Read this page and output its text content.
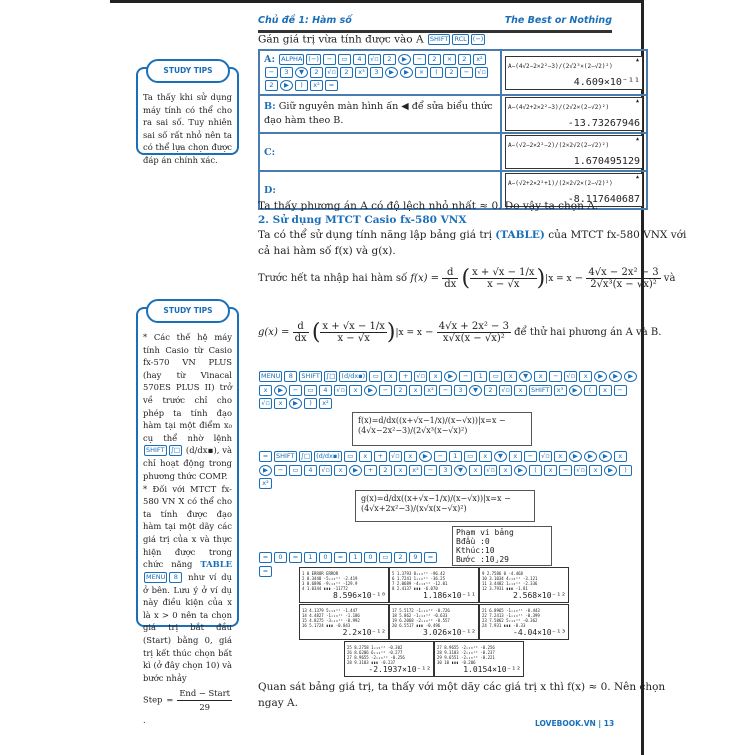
Chủ đề 1: Hàm số	The Best or Nothing
STUDY TIPS

Ta thấy khi sử dụng máy tính có thể cho ra sai số. Tuy nhiên sai số rất nhỏ nên ta có thể lựa chọn được đáp án chính xác.

STUDY TIPS

* Các thế hệ máy tính Casio từ Casio fx-570 VN PLUS (hay từ Vinacal 570ES PLUS II) trở về trước chỉ cho phép ta tính đạo hàm tại một điểm x₀ cụ thể nhờ lệnh SHIFT ∫□ (d/dx▪), và chỉ hoạt động trong phương thức COMP.

* Đối với MTCT fx-580 VN X có thể cho ta tính được đạo hàm tại một dãy các giá trị của x và thực hiện được trong chức năng TABLE MENU 8 như ví dụ ở bên. Lưu ý ở ví dụ này điều kiện của x là x > 0 nên ta chọn giá trị bắt đầu (Start) bằng 0, giá trị kết thúc chọn bất kì (ở đây chọn 10) và bước nhảy

Step = $\frac{\text{End − Start}}{29}$
.

Gán giá trị vừa tính được vào A SHIFT RCL (−)
A: ALPHA (−) − ▭ 4 √▫ 2 ▶ − 2 × 2 x²− 3 ▼ 2 √▫ 2 x³ 3 ▶ ▶ × ( 2 − √▫2 ▶ ) x² =	▲
A−(4√2−2×2²−3)/(2√2³×(2−√2)²)
4.609×10⁻¹¹

B: Giữ nguyên màn hình ấn ◀ để sửa biểu thức đạo hàm theo B.	▲
A−(4√2+2×2²−3)/(2√2×(2−√2)²)
-13.73267946

C:	▲
A−(√2−2×2²−2)/(2×2√2(2−√2)²)
1.670495129

D:	▲
A−(√2+2×2²+1)/(2×2√2×(2−√2)²)
-8.117640687
Ta thấy phương án A có độ lệch nhỏ nhất ≈ 0. Do vậy ta chọn A.
2. Sử dụng MTCT Casio fx-580 VNX
Ta có thể sử dụng tính năng lập bảng giá trị (TABLE) của MTCT fx-580 VNX với
cả hai hàm số f(x) và g(x).
Trước hết ta nhập hai hàm số $f(x) = \frac{d}{dx}$ ( $\frac{x + √x - 1/x}{x - √x} )|x = x - \frac{\text{4√x − 2x² − 3}}{\text{2√x³(x − √x)²}}$ và
$g(x) = \frac{d}{dx}$ ( $\frac{x + √x - 1/x}{x - √x} )|x = x - \frac{\text{4√x + 2x² − 3}}{\text{x√x(x − √x)²}}$ để thử hai phương án A và B.
MENU 8 SHIFT ∫□ (d/dx▪) ▭ x + √▫ x ▶ − 1 ▭ x ▼ x − √▫ x ▶ ▶ ▶x ▶ − ▭ 4 √▫ x ▶ − 2 x x² − 3 ▼ 2 √▫ x SHIFT x³ ▶ ( x −√▫ x ▶ ) x²
f(x)=d/dx((x+√x−1/x)/(x−√x))|x=x − (4√x−2x²−3)/(2√x³(x−√x)²)
= SHIFT ∫□ (d/dx▪) ▭ x + √▫ x ▶ − 1 ▭ x ▼ x − √▫ x ▶ ▶ ▶ x▶ − ▭ 4 √▫ x ▶ + 2 x x² − 3 ▼ x √▫ x ▶ ( x − √▫ x ▶ )x²
g(x)=d/dx((x+√x−1/x)/(x−√x))|x=x − (4√x+2x²−3)/(x√x(x−√x)²)
Phạm vi bảng
Bđầu :0
Kthúc:10
Bước :10⌟29
= 0 = 1 0 = 1 0 ▭ 2 9 ==	1 0 ERROR ERROR
2 0.3448 -5ₓ₁₀¹¹ -2.419
3 0.6896 -9ₓ₁₀¹¹ -129.9
4 1.0344 ▮▮▮ -11772
8.596×10⁻¹⁰
5 1.3793 8ₓ₁₀¹¹ -96.42
6 1.7241 1ₓ₁₀¹¹ -36.25
7 2.0689 -4ₓ₁₀¹¹ -12.01
8 2.4137 ▮▮▮ -6.070
1.186×10⁻¹¹
9 2.7586 0 -4.468
10 3.1034 4ₓ₁₀¹¹ -3.121
11 3.4482 1ₓ₁₀¹¹ -2.336
12 3.7931 ▮▮▮ -1.81
2.568×10⁻¹²
13 4.1379 5ₓ₁₀¹¹ -1.447
14 4.4827 -1ₓ₁₀¹¹ -1.186
15 4.8275 -3ₓ₁₀¹¹ -0.992
16 5.1724 ▮▮▮ -0.843
2.2×10⁻¹²
17 5.5172 -1ₓ₁₀¹² -0.726
18 5.862 -1ₓ₁₀¹² -0.633
19 6.2068 -2ₓ₁₀¹² -0.557
20 6.5517 ▮▮▮ -0.496
3.026×10⁻¹²
21 6.8965 -1ₓ₁₀¹¹ -0.443
22 7.2413 -1ₓ₁₀¹¹ -0.399
23 7.5862 5ₓ₁₀¹² -0.362
24 7.931 ▮▮▮ -0.33
-4.04×10⁻¹³
25 8.2758 1ₓ₁₀¹² -0.302
26 8.6206 6ₓ₁₀¹² -0.277
27 8.9655 -2ₓ₁₀¹² -0.256
28 9.3103 ▮▮▮ -0.237
-2.1937×10⁻¹²
27 8.9655 -2ₓ₁₀¹² -0.256
28 9.3103 -2ₓ₁₀¹² -0.237
29 9.6551 -2ₓ₁₀¹² -0.221
30 10 ▮▮▮ -0.206
1.0154×10⁻¹²
Quan sát bảng giá trị, ta thấy với một dãy các giá trị x thì f(x) ≈ 0. Nên chọn
ngay A.
LOVEBOOK.VN | 13
